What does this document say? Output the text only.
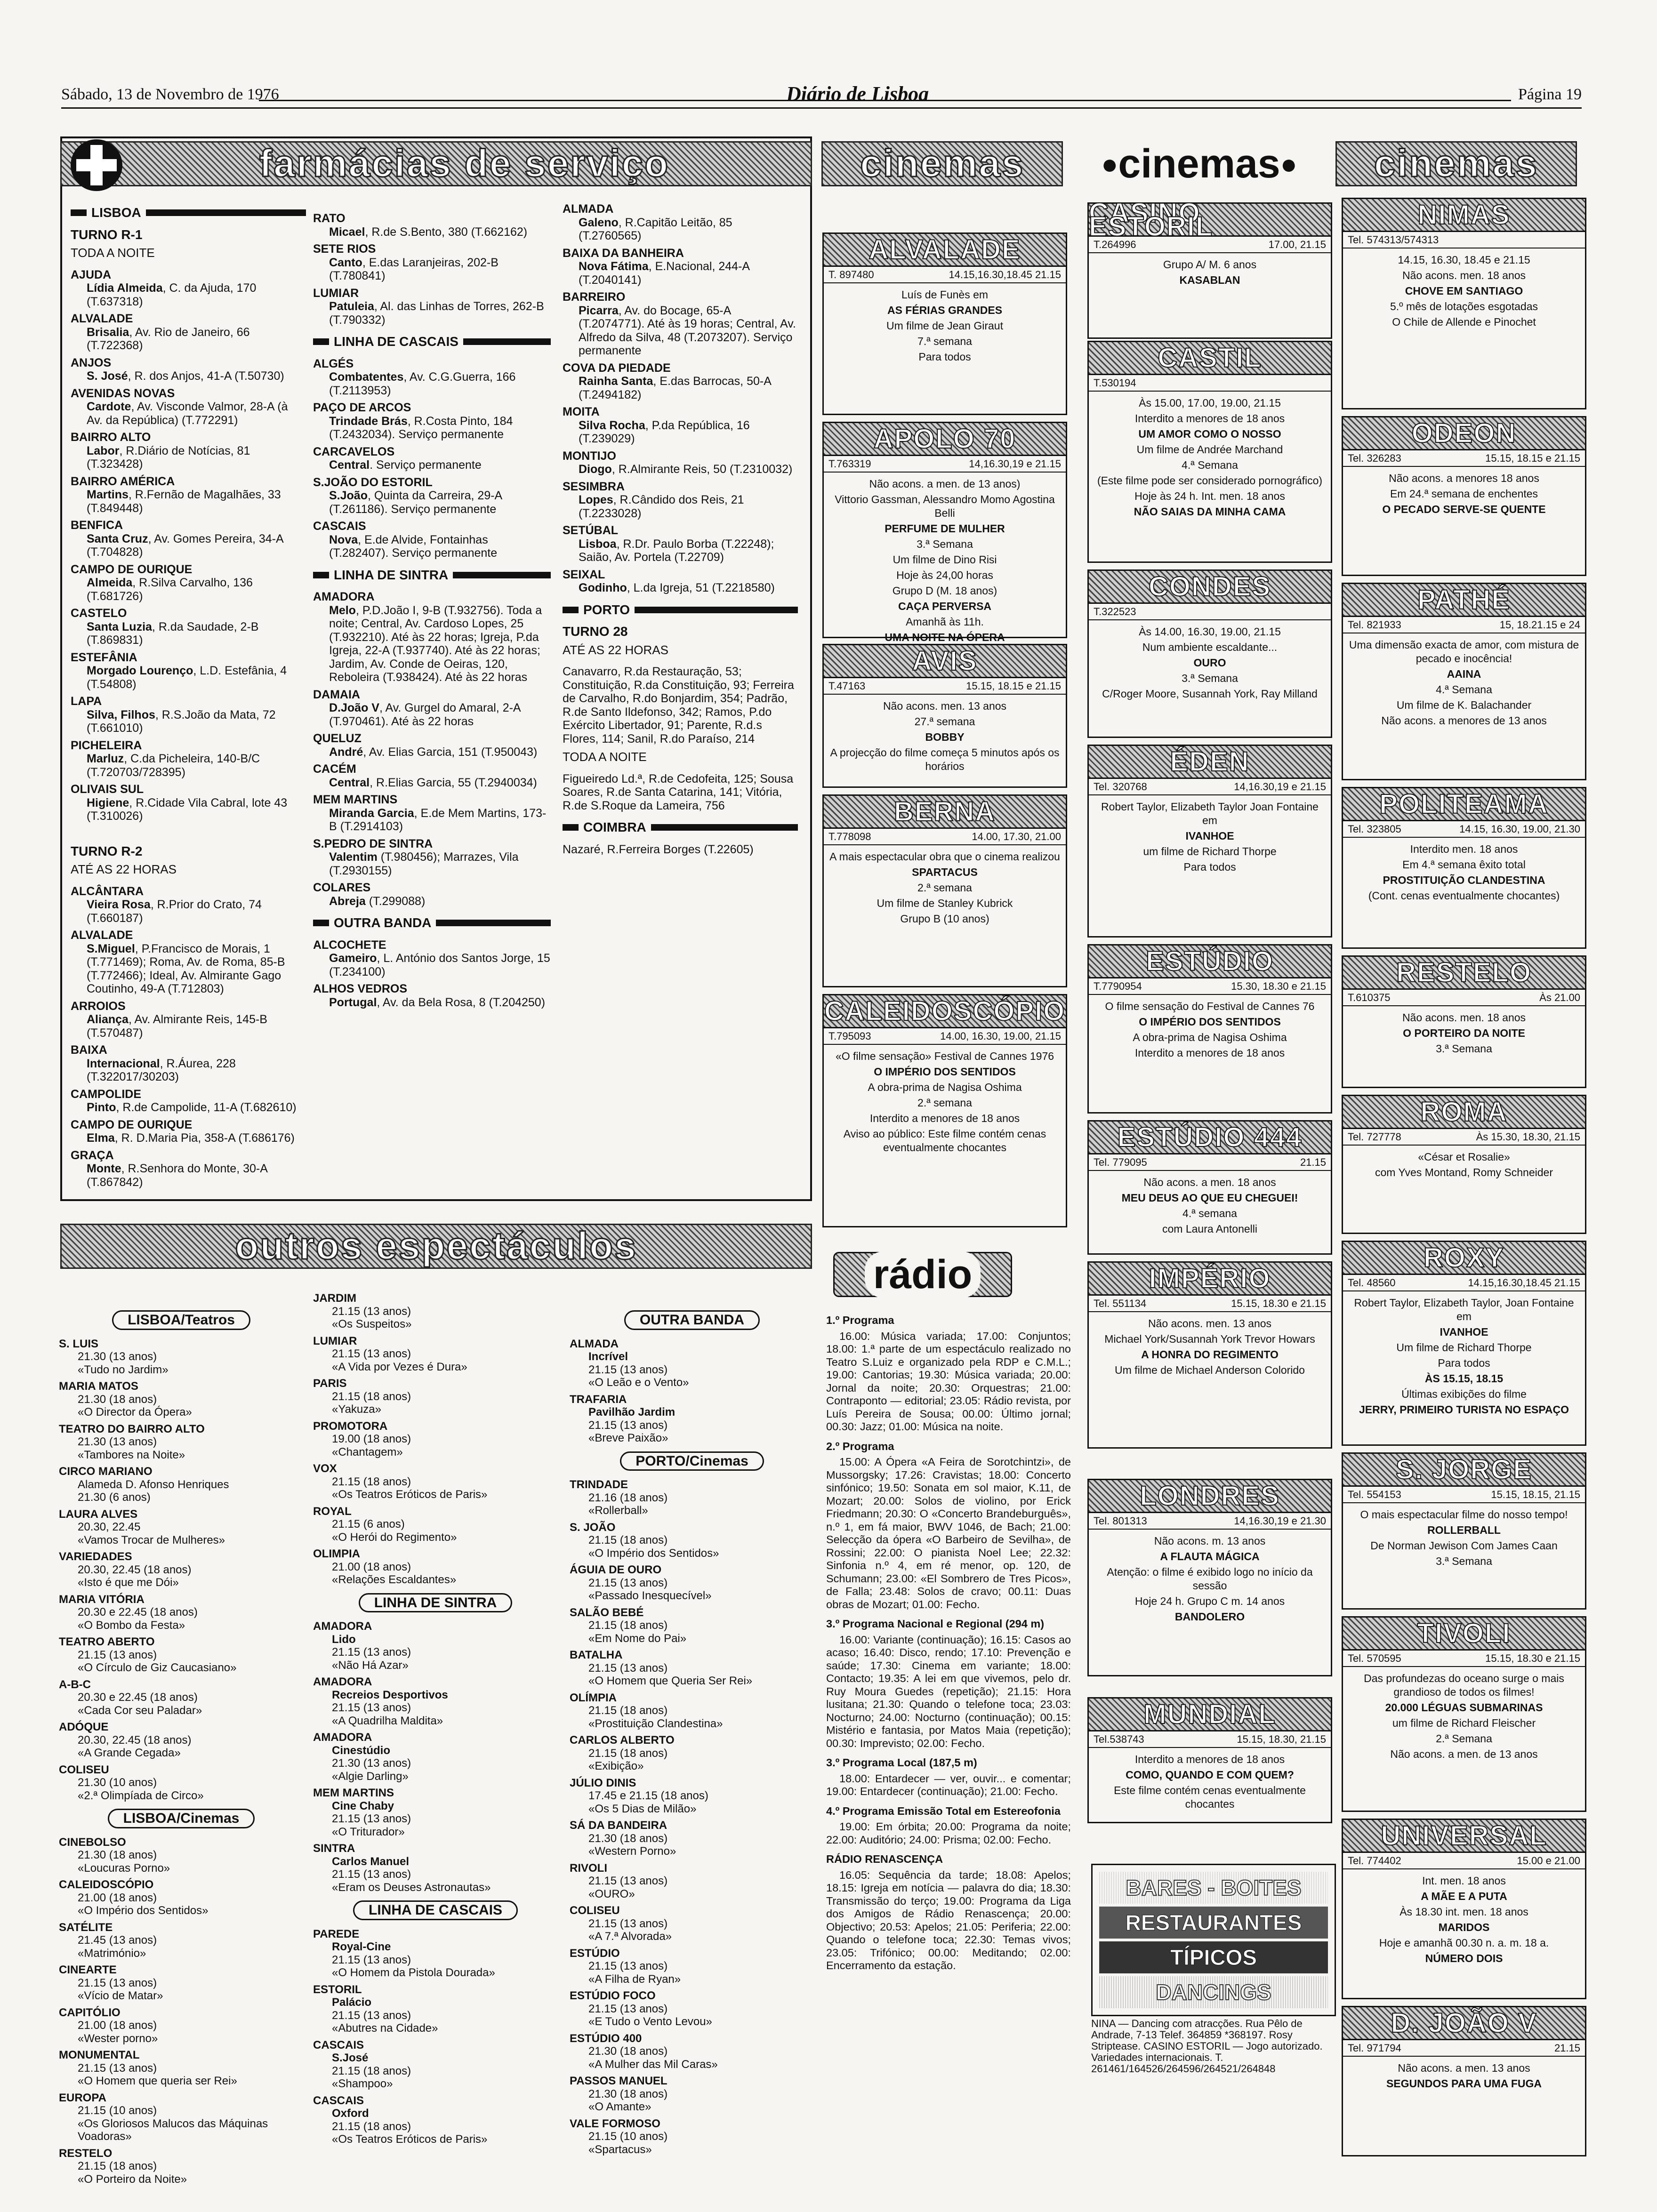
Sábado, 13 de Novembro de 1976	Diário de Lisboa	Página 19
farmácias de serviço
LISBOA
TURNO R-1
TODA A NOITE
AJUDA
Lídia Almeida, C. da Ajuda, 170 (T.637318)
ALVALADE
Brisalia, Av. Rio de Janeiro, 66 (T.722368)
ANJOS
S. José, R. dos Anjos, 41-A (T.50730)
AVENIDAS NOVAS
Cardote, Av. Visconde Valmor, 28-A (à Av. da República) (T.772291)
BAIRRO ALTO
Labor, R.Diário de Notícias, 81 (T.323428)
BAIRRO AMÉRICA
Martins, R.Fernão de Magalhães, 33 (T.849448)
BENFICA
Santa Cruz, Av. Gomes Pereira, 34-A (T.704828)
CAMPO DE OURIQUE
Almeida, R.Silva Carvalho, 136 (T.681726)
CASTELO
Santa Luzia, R.da Saudade, 2-B (T.869831)
ESTEFÂNIA
Morgado Lourenço, L.D. Estefânia, 4 (T.54808)
LAPA
Silva, Filhos, R.S.João da Mata, 72 (T.661010)
PICHELEIRA
Marluz, C.da Picheleira, 140-B/C (T.720703/728395)
OLIVAIS SUL
Higiene, R.Cidade Vila Cabral, lote 43 (T.310026)
TURNO R-2
ATÉ AS 22 HORAS
ALCÂNTARA
Vieira Rosa, R.Prior do Crato, 74 (T.660187)
ALVALADE
S.Miguel, P.Francisco de Morais, 1 (T.771469); Roma, Av. de Roma, 85-B (T.772466); Ideal, Av. Almirante Gago Coutinho, 49-A (T.712803)
ARROIOS
Aliança, Av. Almirante Reis, 145-B (T.570487)
BAIXA
Internacional, R.Áurea, 228 (T.322017/30203)
CAMPOLIDE
Pinto, R.de Campolide, 11-A (T.682610)
CAMPO DE OURIQUE
Elma, R. D.Maria Pia, 358-A (T.686176)
GRAÇA
Monte, R.Senhora do Monte, 30-A (T.867842)
RATO
Micael, R.de S.Bento, 380 (T.662162)
SETE RIOS
Canto, E.das Laranjeiras, 202-B (T.780841)
LUMIAR
Patuleia, Al. das Linhas de Torres, 262-B (T.790332)
LINHA DE CASCAIS
ALGÉS
Combatentes, Av. C.G.Guerra, 166 (T.2113953)
PAÇO DE ARCOS
Trindade Brás, R.Costa Pinto, 184 (T.2432034). Serviço permanente
CARCAVELOS
Central. Serviço permanente
S.JOÃO DO ESTORIL
S.João, Quinta da Carreira, 29-A (T.261186). Serviço permanente
CASCAIS
Nova, E.de Alvide, Fontainhas (T.282407). Serviço permanente
LINHA DE SINTRA
AMADORA
Melo, P.D.João I, 9-B (T.932756). Toda a noite; Central, Av. Cardoso Lopes, 25 (T.932210). Até às 22 horas; Igreja, P.da Igreja, 22-A (T.937740). Até às 22 horas; Jardim, Av. Conde de Oeiras, 120, Reboleira (T.938424). Até às 22 horas
DAMAIA
D.João V, Av. Gurgel do Amaral, 2-A (T.970461). Até às 22 horas
QUELUZ
André, Av. Elias Garcia, 151 (T.950043)
CACÉM
Central, R.Elias Garcia, 55 (T.2940034)
MEM MARTINS
Miranda Garcia, E.de Mem Martins, 173-B (T.2914103)
S.PEDRO DE SINTRA
Valentim (T.980456); Marrazes, Vila (T.2930155)
COLARES
Abreja (T.299088)
OUTRA BANDA
ALCOCHETE
Gameiro, L. António dos Santos Jorge, 15 (T.234100)
ALHOS VEDROS
Portugal, Av. da Bela Rosa, 8 (T.204250)
ALMADA
Galeno, R.Capitão Leitão, 85 (T.2760565)
BAIXA DA BANHEIRA
Nova Fátima, E.Nacional, 244-A (T.2040141)
BARREIRO
Picarra, Av. do Bocage, 65-A (T.2074771). Até às 19 horas; Central, Av. Alfredo da Silva, 48 (T.2073207). Serviço permanente
COVA DA PIEDADE
Rainha Santa, E.das Barrocas, 50-A (T.2494182)
MOITA
Silva Rocha, P.da República, 16 (T.239029)
MONTIJO
Diogo, R.Almirante Reis, 50 (T.2310032)
SESIMBRA
Lopes, R.Cândido dos Reis, 21 (T.2233028)
SETÚBAL
Lisboa, R.Dr. Paulo Borba (T.22248); Saião, Av. Portela (T.22709)
SEIXAL
Godinho, L.da Igreja, 51 (T.2218580)
PORTO
TURNO 28
ATÉ AS 22 HORAS
Canavarro, R.da Restauração, 53; Constituição, R.da Constituição, 93; Ferreira de Carvalho, R.do Bonjardim, 354; Padrão, R.de Santo Ildefonso, 342; Ramos, P.do Exército Libertador, 91; Parente, R.d.s Flores, 114; Sanil, R.do Paraíso, 214
TODA A NOITE
Figueiredo Ld.ª, R.de Cedofeita, 125; Sousa Soares, R.de Santa Catarina, 141; Vitória, R.de S.Roque da Lameira, 756
COIMBRA
Nazaré, R.Ferreira Borges (T.22605)
outros espectáculos
LISBOA/Teatros
S. LUIS
21.30 (13 anos)
«Tudo no Jardim»
MARIA MATOS
21.30 (18 anos)
«O Director da Ópera»
TEATRO DO BAIRRO ALTO
21.30 (13 anos)
«Tambores na Noite»
CIRCO MARIANO
Alameda D. Afonso Henriques
21.30 (6 anos)
LAURA ALVES
20.30, 22.45
«Vamos Trocar de Mulheres»
VARIEDADES
20.30, 22.45 (18 anos)
«Isto é que me Dói»
MARIA VITÓRIA
20.30 e 22.45 (18 anos)
«O Bombo da Festa»
TEATRO ABERTO
21.15 (13 anos)
«O Círculo de Giz Caucasiano»
A-B-C
20.30 e 22.45 (18 anos)
«Cada Cor seu Paladar»
ADÓQUE
20.30, 22.45 (18 anos)
«A Grande Cegada»
COLISEU
21.30 (10 anos)
«2.ª Olimpíada de Circo»
LISBOA/Cinemas
CINEBOLSO
21.30 (18 anos)
«Loucuras Porno»
CALEIDOSCÓPIO
21.00 (18 anos)
«O Império dos Sentidos»
SATÉLITE
21.45 (13 anos)
«Matrimónio»
CINEARTE
21.15 (13 anos)
«Vício de Matar»
CAPITÓLIO
21.00 (18 anos)
«Wester porno»
MONUMENTAL
21.15 (13 anos)
«O Homem que queria ser Rei»
EUROPA
21.15 (10 anos)
«Os Gloriosos Malucos das Máquinas Voadoras»
RESTELO
21.15 (18 anos)
«O Porteiro da Noite»
JARDIM
21.15 (13 anos)
«Os Suspeitos»
LUMIAR
21.15 (13 anos)
«A Vida por Vezes é Dura»
PARIS
21.15 (18 anos)
«Yakuza»
PROMOTORA
19.00 (18 anos)
«Chantagem»
VOX
21.15 (18 anos)
«Os Teatros Eróticos de Paris»
ROYAL
21.15 (6 anos)
«O Herói do Regimento»
OLIMPIA
21.00 (18 anos)
«Relações Escaldantes»
LINHA DE SINTRA
AMADORA
Lido
21.15 (13 anos)
«Não Há Azar»
AMADORA
Recreios Desportivos
21.15 (13 anos)
«A Quadrilha Maldita»
AMADORA
Cinestúdio
21.30 (13 anos)
«Algie Darling»
MEM MARTINS
Cine Chaby
21.15 (13 anos)
«O Triturador»
SINTRA
Carlos Manuel
21.15 (13 anos)
«Eram os Deuses Astronautas»
LINHA DE CASCAIS
PAREDE
Royal-Cine
21.15 (13 anos)
«O Homem da Pistola Dourada»
ESTORIL
Palácio
21.15 (13 anos)
«Abutres na Cidade»
CASCAIS
S.José
21.15 (18 anos)
«Shampoo»
CASCAIS
Oxford
21.15 (18 anos)
«Os Teatros Eróticos de Paris»
OUTRA BANDA
ALMADA
Incrível
21.15 (13 anos)
«O Leão e o Vento»
TRAFARIA
Pavilhão Jardim
21.15 (13 anos)
«Breve Paixão»
PORTO/Cinemas
TRINDADE
21.16 (18 anos)
«Rollerball»
S. JOÃO
21.15 (18 anos)
«O Império dos Sentidos»
ÁGUIA DE OURO
21.15 (13 anos)
«Passado Inesquecível»
SALÃO BEBÉ
21.15 (18 anos)
«Em Nome do Pai»
BATALHA
21.15 (13 anos)
«O Homem que Queria Ser Rei»
OLÍMPIA
21.15 (18 anos)
«Prostituição Clandestina»
CARLOS ALBERTO
21.15 (18 anos)
«Exibição»
JÚLIO DINIS
17.45 e 21.15 (18 anos)
«Os 5 Dias de Milão»
SÁ DA BANDEIRA
21.30 (18 anos)
«Western Porno»
RIVOLI
21.15 (13 anos)
«OURO»
COLISEU
21.15 (13 anos)
«A 7.ª Alvorada»
ESTÚDIO
21.15 (13 anos)
«A Filha de Ryan»
ESTÚDIO FOCO
21.15 (13 anos)
«E Tudo o Vento Levou»
ESTÚDIO 400
21.30 (18 anos)
«A Mulher das Mil Caras»
PASSOS MANUEL
21.30 (18 anos)
«O Amante»
VALE FORMOSO
21.15 (10 anos)
«Spartacus»
cinemas	● cinemas ● cinemas
ALVALADE
T. 897480	14.15,16.30,18.45 21.15
Luís de Funès em
AS FÉRIAS GRANDES
Um filme de Jean Giraut
7.ª semana
Para todos
APOLO 70
T.763319	14,16.30,19 e 21.15
Não acons. a men. de 13 anos)
Vittorio Gassman, Alessandro Momo Agostina Belli
PERFUME DE MULHER
3.ª Semana
Um filme de Dino Risi
Hoje às 24,00 horas
Grupo D (M. 18 anos)
CAÇA PERVERSA
Amanhã às 11h.
UMA NOITE NA ÓPERA
AVIS
T.47163	15.15, 18.15 e 21.15
Não acons. men. 13 anos
27.ª semana
BOBBY
A projecção do filme começa 5 minutos após os horários
BERNA
T.778098	14.00, 17.30, 21.00
A mais espectacular obra que o cinema realizou
SPARTACUS
2.ª semana
Um filme de Stanley Kubrick
Grupo B (10 anos)
CALEIDOSCÓPIO
T.795093	14.00, 16.30, 19.00, 21.15
«O filme sensação» Festival de Cannes 1976
O IMPÉRIO DOS SENTIDOS
A obra-prima de Nagisa Oshima
2.ª semana
Interdito a menores de 18 anos
Aviso ao público: Este filme contém cenas eventualmente chocantes
CASINO ESTORIL
T.264996	17.00, 21.15
Grupo A/ M. 6 anos
KASABLAN
CASTIL
T.530194
Às 15.00, 17.00, 19.00, 21.15
Interdito a menores de 18 anos
UM AMOR COMO O NOSSO
Um filme de Andrée Marchand
4.ª Semana
(Este filme pode ser considerado pornográfico)
Hoje às 24 h. Int. men. 18 anos
NÃO SAIAS DA MINHA CAMA
CONDES
T.322523
Às 14.00, 16.30, 19.00, 21.15
Num ambiente escaldante...
OURO
3.ª Semana
C/Roger Moore, Susannah York, Ray Milland
ÉDEN
Tel. 320768	14,16.30,19 e 21.15
Robert Taylor, Elizabeth Taylor Joan Fontaine em
IVANHOE
um filme de Richard Thorpe
Para todos
ESTÚDIO
T.7790954	15.30, 18.30 e 21.15
O filme sensação do Festival de Cannes 76
O IMPÉRIO DOS SENTIDOS
A obra-prima de Nagisa Oshima
Interdito a menores de 18 anos
ESTÚDIO 444
Tel. 779095	21.15
Não acons. a men. 18 anos
MEU DEUS AO QUE EU CHEGUEI!
4.ª semana
com Laura Antonelli
IMPÉRIO
Tel. 551134	15.15, 18.30 e 21.15
Não acons. men. 13 anos
Michael York/Susannah York Trevor Howars
A HONRA DO REGIMENTO
Um filme de Michael Anderson Colorido
LONDRES
Tel. 801313	14,16.30,19 e 21.30
Não acons. m. 13 anos
A FLAUTA MÁGICA
Atenção: o filme é exibido logo no início da sessão
Hoje 24 h. Grupo C m. 14 anos
BANDOLERO
MUNDIAL
Tel.538743	15.15, 18.30, 21.15
Interdito a menores de 18 anos
COMO, QUANDO E COM QUEM?
Este filme contém cenas eventualmente chocantes
NIMAS
Tel. 574313/574313
14.15, 16.30, 18.45 e 21.15
Não acons. men. 18 anos
CHOVE EM SANTIAGO
5.º mês de lotações esgotadas
O Chile de Allende e Pinochet
ODEON
Tel. 326283	15.15, 18.15 e 21.15
Não acons. a menores 18 anos
Em 24.ª semana de enchentes
O PECADO SERVE-SE QUENTE
PATHÉ
Tel. 821933	15, 18.21.15 e 24
Uma dimensão exacta de amor, com mistura de pecado e inocência!
AAINA
4.ª Semana
Um filme de K. Balachander
Não acons. a menores de 13 anos
POLITEAMA
Tel. 323805	14.15, 16.30, 19.00, 21.30
Interdito men. 18 anos
Em 4.ª semana êxito total
PROSTITUIÇÃO CLANDESTINA
(Cont. cenas eventualmente chocantes)
RESTELO
T.610375	Às 21.00
Não acons. men. 18 anos
O PORTEIRO DA NOITE
3.ª Semana
ROMA
Tel. 727778	Às 15.30, 18.30, 21.15
«César et Rosalie»
com Yves Montand, Romy Schneider
ROXY
Tel. 48560	14.15,16.30,18.45 21.15
Robert Taylor, Elizabeth Taylor, Joan Fontaine em
IVANHOE
Um filme de Richard Thorpe
Para todos
ÀS 15.15, 18.15
Últimas exibições do filme
JERRY, PRIMEIRO TURISTA NO ESPAÇO
S. JORGE
Tel. 554153	15.15, 18.15, 21.15
O mais espectacular filme do nosso tempo!
ROLLERBALL
De Norman Jewison Com James Caan
3.ª Semana
TIVOLI
Tel. 570595	15.15, 18.30 e 21.15
Das profundezas do oceano surge o mais grandioso de todos os filmes!
20.000 LÉGUAS SUBMARINAS
um filme de Richard Fleischer
2.ª Semana
Não acons. a men. de 13 anos
UNIVERSAL
Tel. 774402	15.00 e 21.00
Int. men. 18 anos
A MÃE E A PUTA
Às 18.30 int. men. 18 anos
MARIDOS
Hoje e amanhã 00.30 n. a. m. 18 a.
NÚMERO DOIS
D. JOÃO V
Tel. 971794	21.15
Não acons. a men. 13 anos
SEGUNDOS PARA UMA FUGA
rádio
1.º Programa
16.00: Música variada; 17.00: Conjuntos; 18.00: 1.ª parte de um espectáculo realizado no Teatro S.Luiz e organizado pela RDP e C.M.L.; 19.00: Cantorias; 19.30: Música variada; 20.00: Jornal da noite; 20.30: Orquestras; 21.00: Contraponto — editorial; 23.05: Rádio revista, por Luís Pereira de Sousa; 00.00: Último jornal; 00.30: Jazz; 01.00: Música na noite.
2.º Programa
15.00: A Ópera «A Feira de Sorotchintzi», de Mussorgsky; 17.26: Cravistas; 18.00: Concerto sinfónico; 19.50: Sonata em sol maior, K.11, de Mozart; 20.00: Solos de violino, por Erick Friedmann; 20.30: O «Concerto Brandeburguês», n.º 1, em fá maior, BWV 1046, de Bach; 21.00: Selecção da ópera «O Barbeiro de Sevilha», de Rossini; 22.00: O pianista Noel Lee; 22.32: Sinfonia n.º 4, em ré menor, op. 120, de Schumann; 23.00: «El Sombrero de Tres Picos», de Falla; 23.48: Solos de cravo; 00.11: Duas obras de Mozart; 01.00: Fecho.
3.º Programa Nacional e Regional (294 m)
16.00: Variante (continuação); 16.15: Casos ao acaso; 16.40: Disco, rendo; 17.10: Prevenção e saúde; 17.30: Cinema em variante; 18.00: Contacto; 19.35: A lei em que vivemos, pelo dr. Ruy Moura Guedes (repetição); 21.15: Hora lusitana; 21.30: Quando o telefone toca; 23.03: Nocturno; 24.00: Nocturno (continuação); 00.15: Mistério e fantasia, por Matos Maia (repetição); 00.30: Imprevisto; 02.00: Fecho.
3.º Programa Local (187,5 m)
18.00: Entardecer — ver, ouvir... e comentar; 19.00: Entardecer (continuação); 21.00: Fecho.
4.º Programa Emissão Total em Estereofonia
19.00: Em órbita; 20.00: Programa da noite; 22.00: Auditório; 24.00: Prisma; 02.00: Fecho.
RÁDIO RENASCENÇA
16.05: Sequência da tarde; 18.08: Apelos; 18.15: Igreja em notícia — palavra do dia; 18.30: Transmissão do terço; 19.00: Programa da Liga dos Amigos de Rádio Renascença; 20.00: Objectivo; 20.53: Apelos; 21.05: Periferia; 22.00: Quando o telefone toca; 22.30: Temas vivos; 23.05: Trifónico; 00.00: Meditando; 02.00: Encerramento da estação.
BARES - BOITES
RESTAURANTES
TÍPICOS
DANCINGS
NINA — Dancing com atracções. Rua Pêlo de Andrade, 7-13 Telef. 364859 *368197. Rosy Striptease. CASINO ESTORIL — Jogo autorizado. Variedades internacionais. T. 261461/164526/264596/264521/264848
